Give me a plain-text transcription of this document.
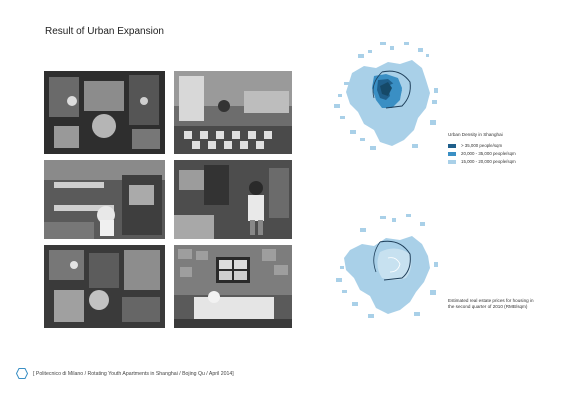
Result of Urban Expansion
Urban Density in Shanghai
> 35,000 people/sqm
20,000 - 35,000 people/sqm
15,000 - 20,000 people/sqm
Estimated real estate prices for housing in the second quarter of 2010 (RMB/sqm)
[ Politecnico di Milano / Rotating Youth Apartments in Shanghai / Bojing Qu / April 2014]
